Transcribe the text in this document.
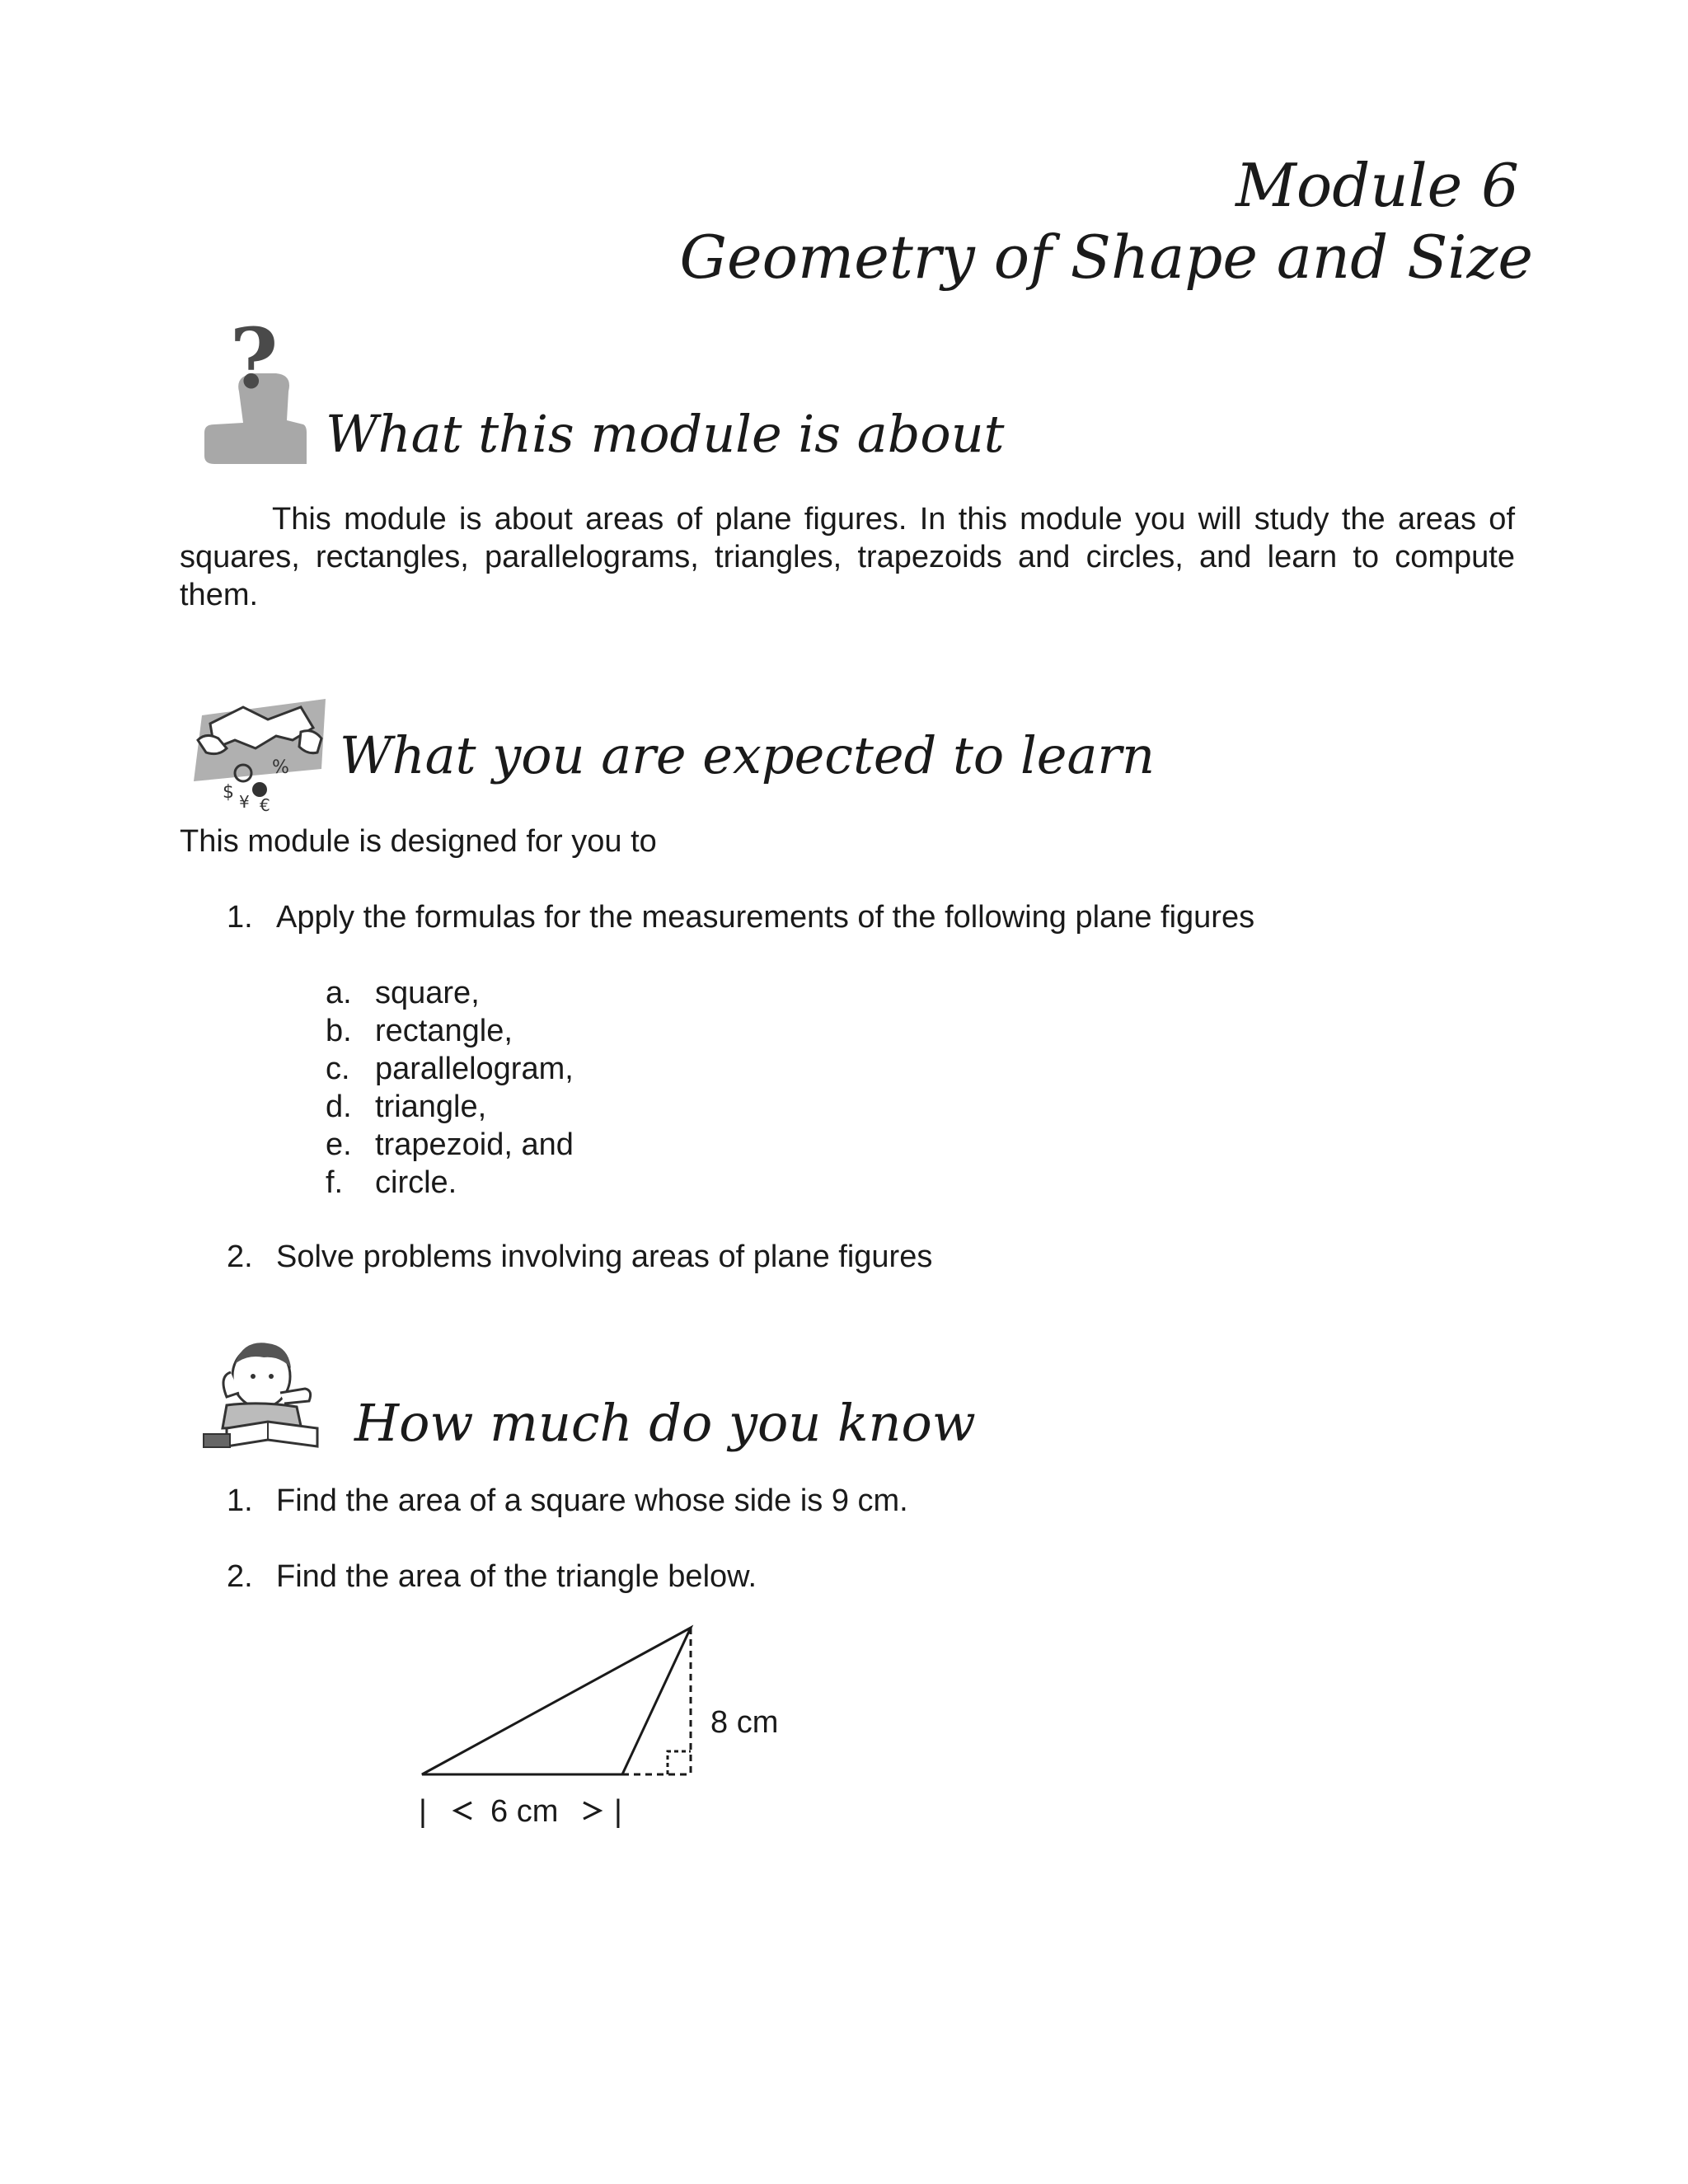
Module 6
Geometry of Shape and Size
?
What this module is about
This module is about areas of plane figures. In this module you will study the areas of squares, rectangles, parallelograms, triangles, trapezoids and circles, and learn to compute them.
$ ¥ €
% What you are expected to learn
This module is designed for you to
1. Apply the formulas for the measurements of the following plane figures
a. square,
b. rectangle,
c. parallelogram,
d. triangle,
e. trapezoid, and
f. circle.
2. Solve problems involving areas of plane figures
How much do you know
1. Find the area of a square whose side is 9 cm.
2. Find the area of the triangle below.
8 cm
| 6 cm |
